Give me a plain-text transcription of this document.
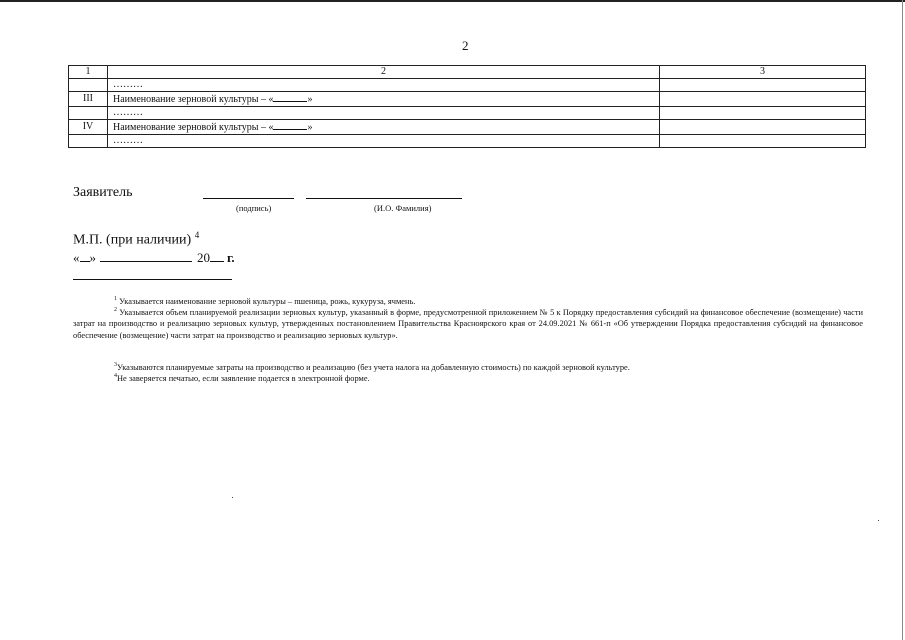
2
1	2	3
	………	
III	Наименование зерновой культуры – « »	
	………	
IV	Наименование зерновой культуры – « »	
	………	
Заявитель
(подпись)	(И.О. Фамилия)
М.П. (при наличии) $^4$
« »	20 г.
$^1$ Указывается наименование зерновой культуры – пшеница, рожь, кукуруза, ячмень.
$^2$ Указывается объем планируемой реализации зерновых культур, указанный в форме, предусмотренной приложением № 5 к Порядку предоставления субсидий на финансовое обеспечение (возмещение) части затрат на производство и реализацию зерновых культур, утвержденных постановлением Правительства Красноярского края от 24.09.2021 № 661-п «Об утверждении Порядка предоставления субсидий на финансовое обеспечение (возмещение) части затрат на производство и реализацию зерновых культур».
$^3$Указываются планируемые затраты на производство и реализацию (без учета налога на добавленную стоимость) по каждой зерновой культуре.
$^4$Не заверяется печатью, если заявление подается в электронной форме.
